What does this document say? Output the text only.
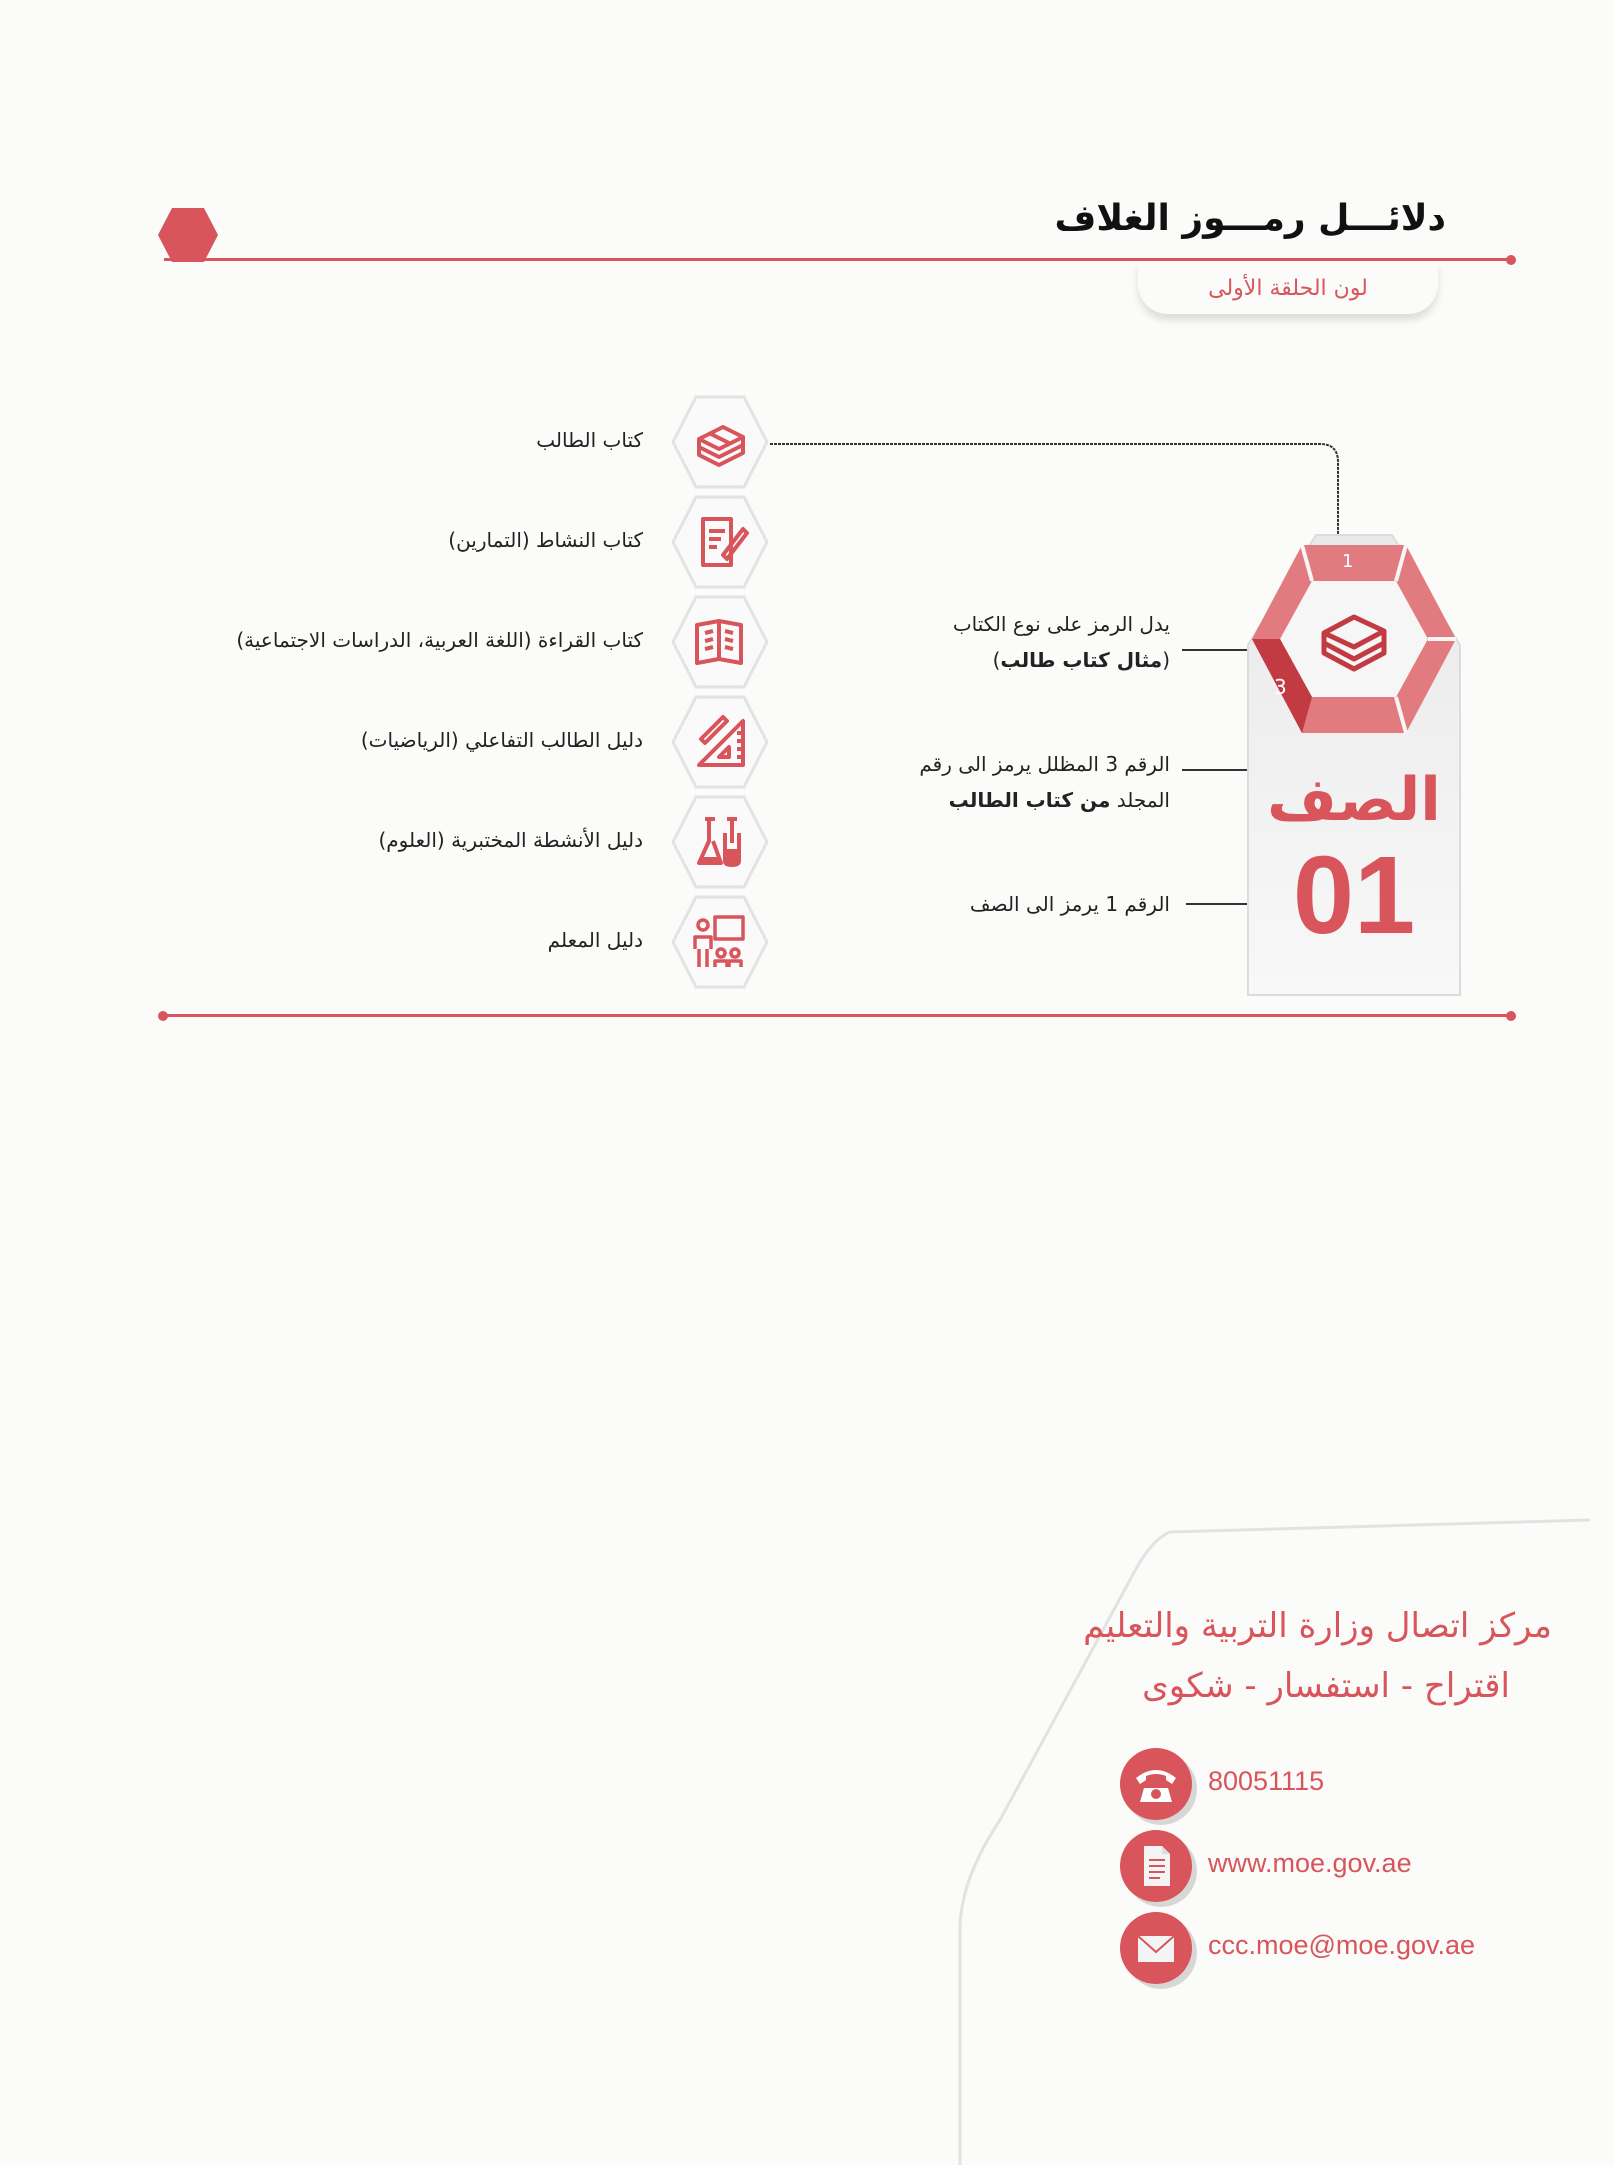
دلائـــل رمـــوز الغلاف
لون الحلقة الأولى
كتاب الطالب
كتاب النشاط (التمارين)
كتاب القراءة (اللغة العربية، الدراسات الاجتماعية)
دليل الطالب التفاعلي (الرياضيات)
دليل الأنشطة المختبرية (العلوم)
دليل المعلم
يدل الرمز على نوع الكتاب
(مثال كتاب طالب)
الرقم 3 المظلل يرمز الى رقم
المجلد من كتاب الطالب
الرقم 1 يرمز الى الصف
1
3
الصف
01
مركز اتصال وزارة التربية والتعليم
اقتراح - استفسار - شكوى
80051115
www.moe.gov.ae
ccc.moe@moe.gov.ae
